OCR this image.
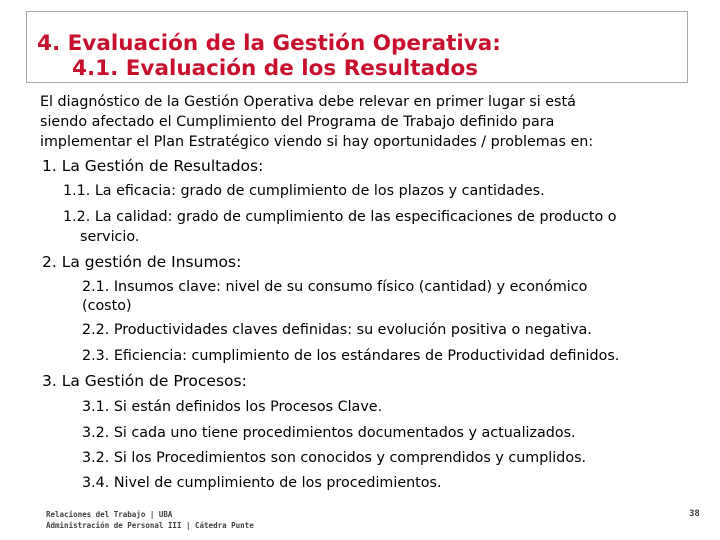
4. Evaluación de la Gestión Operativa:
4.1. Evaluación de los Resultados
El diagnóstico de la Gestión Operativa debe relevar en primer lugar si está
siendo afectado el Cumplimiento del Programa de Trabajo definido para
implementar el Plan Estratégico viendo si hay oportunidades / problemas en:
1. La Gestión de Resultados:
1.1. La eficacia: grado de cumplimiento de los plazos y cantidades.
1.2. La calidad: grado de cumplimiento de las especificaciones de producto o
servicio.
2. La gestión de Insumos:
2.1. Insumos clave: nivel de su consumo físico (cantidad) y económico
(costo)
2.2. Productividades claves definidas: su evolución positiva o negativa.
2.3. Eficiencia: cumplimiento de los estándares de Productividad definidos.
3. La Gestión de Procesos:
3.1. Si están definidos los Procesos Clave.
3.2. Si cada uno tiene procedimientos documentados y actualizados.
3.2. Si los Procedimientos son conocidos y comprendidos y cumplidos.
3.4. Nivel de cumplimiento de los procedimientos.
Relaciones del Trabajo | UBA
Administración de Personal III | Cátedra Punte
38
